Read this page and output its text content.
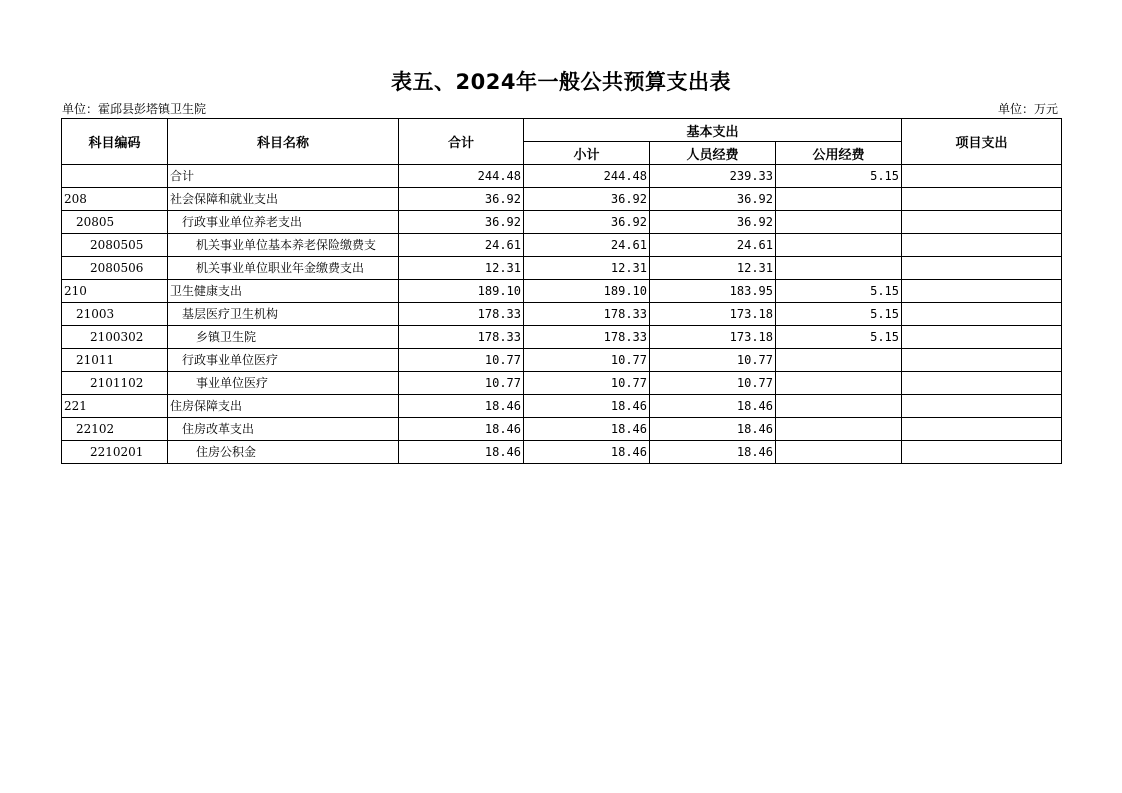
表五、2024年一般公共预算支出表
单位：霍邱县彭塔镇卫生院	单位：万元
科目编码	科目名称	合计	基本支出			项目支出
			小计	人员经费	公用经费	
	合计	244.48	244.48	239.33	5.15	
208	社会保障和就业支出	36.92	36.92	36.92		
20805	行政事业单位养老支出	36.92	36.92	36.92		
2080505	机关事业单位基本养老保险缴费支	24.61	24.61	24.61		
2080506	机关事业单位职业年金缴费支出	12.31	12.31	12.31		
210	卫生健康支出	189.10	189.10	183.95	5.15	
21003	基层医疗卫生机构	178.33	178.33	173.18	5.15	
2100302	乡镇卫生院	178.33	178.33	173.18	5.15	
21011	行政事业单位医疗	10.77	10.77	10.77		
2101102	事业单位医疗	10.77	10.77	10.77		
221	住房保障支出	18.46	18.46	18.46		
22102	住房改革支出	18.46	18.46	18.46		
2210201	住房公积金	18.46	18.46	18.46		
